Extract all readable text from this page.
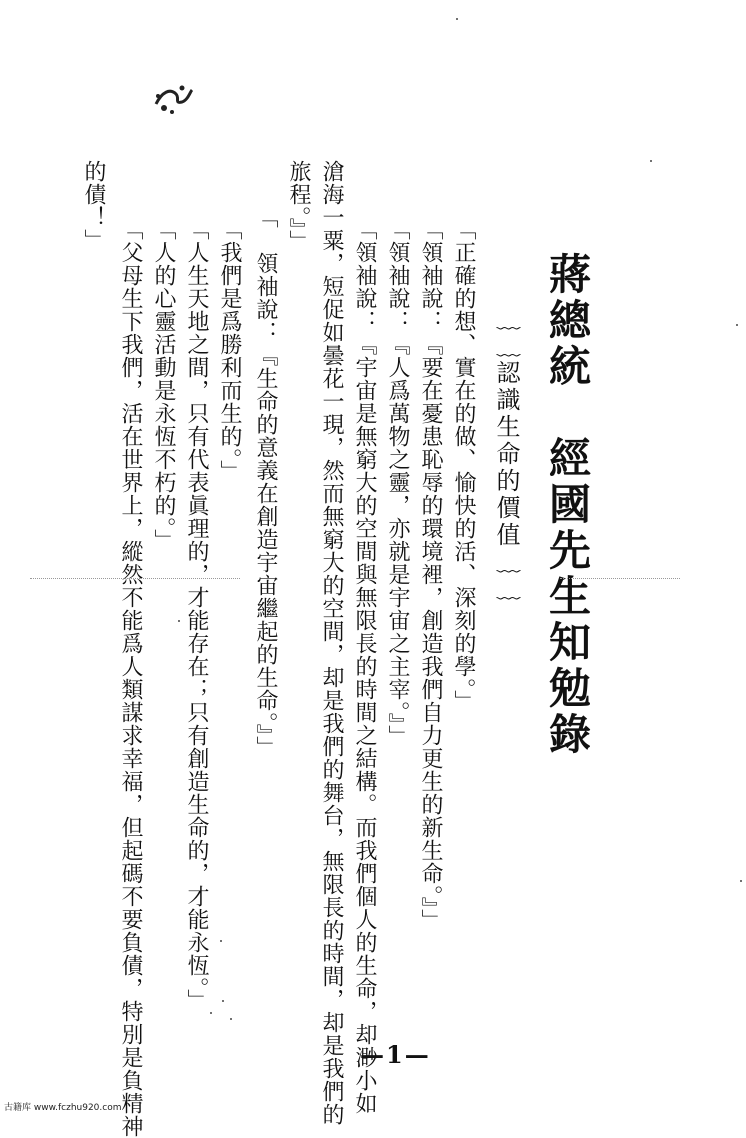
蔣總統　經國先生知勉錄
﹏﹏認識生命的價值﹏﹏
「正確的想、實在的做、愉快的活、深刻的學。」
「領袖說：『要在憂患恥辱的環境裡，創造我們自力更生的新生命。』」
「領袖說：『人爲萬物之靈，亦就是宇宙之主宰。』」
「領袖說：『宇宙是無窮大的空間與無限長的時間之結構。而我們個人的生命，却渺小如
滄海一粟，短促如曇花一現，然而無窮大的空間，却是我們的舞台，無限長的時間，却是我們的
旅程。』」
「　領袖說：『生命的意義在創造宇宙繼起的生命。』」
「我們是爲勝利而生的。」
「人生天地之間，只有代表眞理的，才能存在；只有創造生命的，才能永恆。」
「人的心靈活動是永恆不朽的。」
「父母生下我們，活在世界上，縱然不能爲人類謀求幸福，但起碼不要負債，特別是負精神
的債！」
—1—
古籍库 www.fczhu920.com
